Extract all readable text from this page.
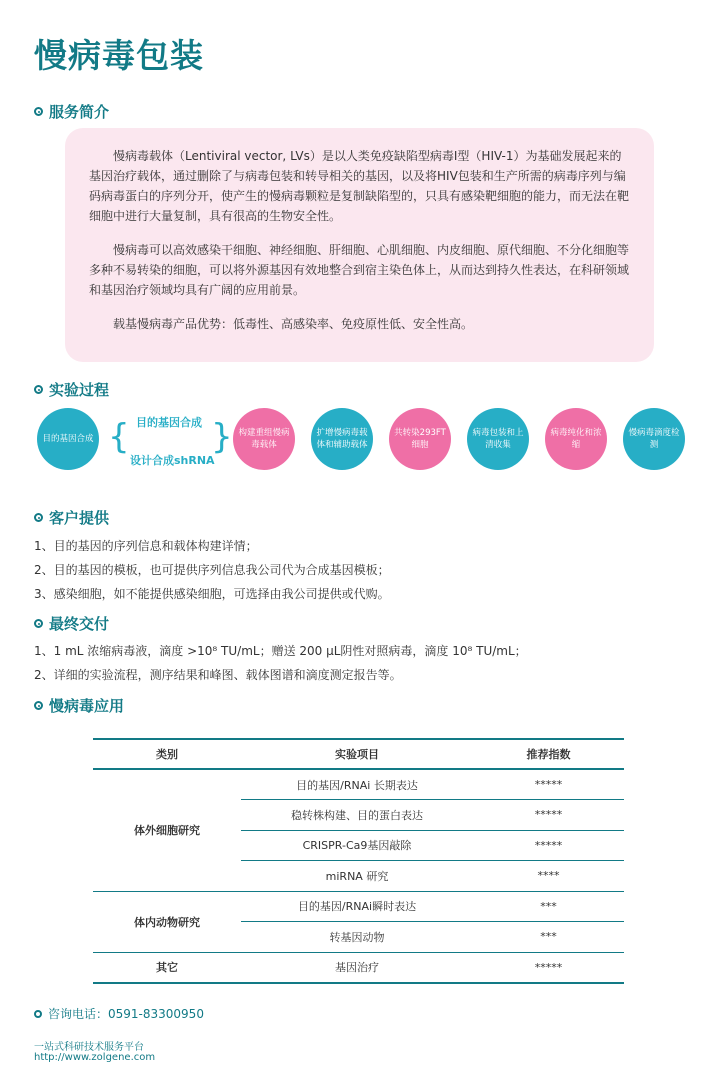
慢病毒包装
服务简介

慢病毒载体（Lentiviral vector, LVs）是以人类免疫缺陷型病毒I型（HIV-1）为基础发展起来的基因治疗载体，通过删除了与病毒包装和转导相关的基因，以及将HIV包装和生产所需的病毒序列与编码病毒蛋白的序列分开，使产生的慢病毒颗粒是复制缺陷型的，只具有感染靶细胞的能力，而无法在靶细胞中进行大量复制，具有很高的生物安全性。

慢病毒可以高效感染干细胞、神经细胞、肝细胞、心肌细胞、内皮细胞、原代细胞、不分化细胞等多种不易转染的细胞，可以将外源基因有效地整合到宿主染色体上，从而达到持久性表达，在科研领域和基因治疗领域均具有广阔的应用前景。

载基慢病毒产品优势：低毒性、高感染率、免疫原性低、安全性高。

实验过程
目的基因合成 { 目的基因合成
设计合成shRNA
} 构建重组慢病毒载体
扩增慢病毒载体和辅助载体
共转染293FT细胞
病毒包装和上清收集
病毒纯化和浓缩
慢病毒滴度检测
客户提供
1、目的基因的序列信息和载体构建详情；
2、目的基因的模板，也可提供序列信息我公司代为合成基因模板；
3、感染细胞，如不能提供感染细胞，可选择由我公司提供或代购。
最终交付
1、1 mL 浓缩病毒液，滴度 >10⁸ TU/mL；赠送 200 µL阴性对照病毒，滴度 10⁸ TU/mL；
2、详细的实验流程，测序结果和峰图、载体图谱和滴度测定报告等。
慢病毒应用
类别	实验项目	推荐指数
体外细胞研究	目的基因/RNAi 长期表达	*****
	稳转株构建、目的蛋白表达	*****
	CRISPR-Ca9基因敲除	*****
	miRNA 研究	****
体内动物研究	目的基因/RNAi瞬时表达	***
	转基因动物	***
其它	基因治疗	*****
咨询电话：0591-83300950
一站式科研技术服务平台
http://www.zolgene.com
